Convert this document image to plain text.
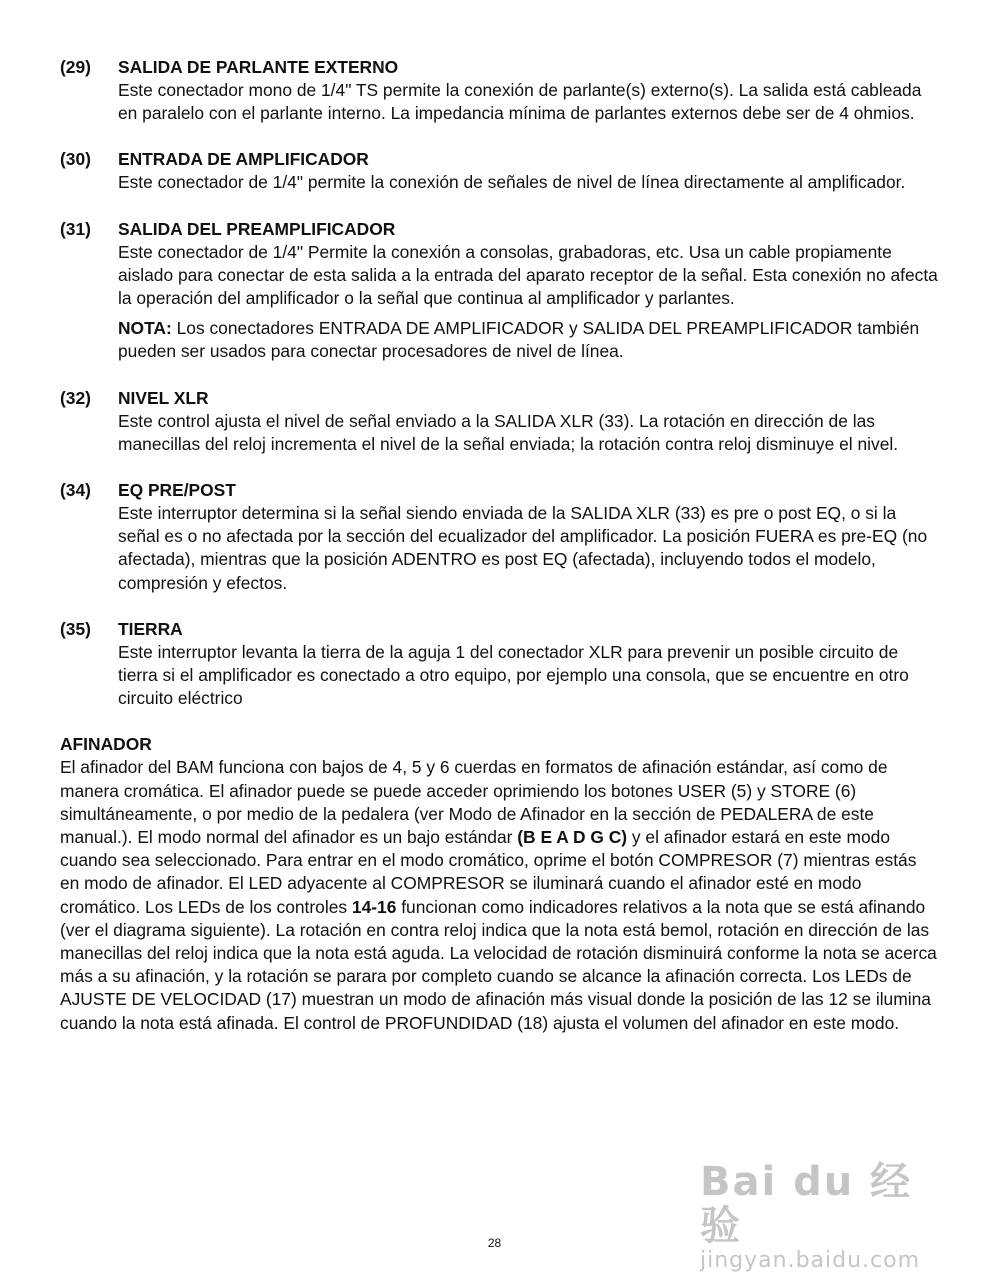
(29)	SALIDA DE PARLANTE EXTERNO

Este conectador mono de 1/4" TS permite la conexión de parlante(s) externo(s). La salida está cableada en paralelo con el parlante interno. La impedancia mínima de parlantes externos debe ser de 4 ohmios.

(30)	ENTRADA DE AMPLIFICADOR

Este conectador de 1/4" permite la conexión de señales de nivel de línea directamente al amplificador.

(31)	SALIDA DEL PREAMPLIFICADOR

Este conectador de 1/4" Permite la conexión a consolas, grabadoras, etc. Usa un cable propiamente aislado para conectar de esta salida a la entrada del aparato receptor de la señal. Esta conexión no afecta la operación del amplificador o la señal que continua al amplificador y parlantes.

NOTA: Los conectadores ENTRADA DE AMPLIFICADOR y SALIDA DEL PREAMPLIFICADOR también pueden ser usados para conectar procesadores de nivel de línea.

(32)	NIVEL XLR

Este control ajusta el nivel de señal enviado a la SALIDA XLR (33). La rotación en dirección de las manecillas del reloj incrementa el nivel de la señal enviada; la rotación contra reloj disminuye el nivel.

(34)	EQ PRE/POST

Este interruptor determina si la señal siendo enviada de la SALIDA XLR (33) es pre o post EQ, o si la señal es o no afectada por la sección del ecualizador del amplificador. La posición FUERA es pre-EQ (no afectada), mientras que la posición ADENTRO es post EQ (afectada), incluyendo todos el modelo, compresión y efectos.

(35)	TIERRA

Este interruptor levanta la tierra de la aguja 1 del conectador XLR para prevenir un posible circuito de tierra si el amplificador es conectado a otro equipo, por ejemplo una consola, que se encuentre en otro circuito eléctrico

AFINADOR

El afinador del BAM funciona con bajos de 4, 5 y 6 cuerdas en formatos de afinación estándar, así como de manera cromática. El afinador puede se puede acceder oprimiendo los botones USER (5) y STORE (6) simultáneamente, o por medio de la pedalera (ver Modo de Afinador en la sección de PEDALERA de este manual.). El modo normal del afinador es un bajo estándar (B E A D G C) y el afinador estará en este modo cuando sea seleccionado. Para entrar en el modo cromático, oprime el botón COMPRESOR (7) mientras estás en modo de afinador. El LED adyacente al COMPRESOR se iluminará cuando el afinador esté en modo cromático. Los LEDs de los controles 14-16 funcionan como indicadores relativos a la nota que se está afinando (ver el diagrama siguiente). La rotación en contra reloj indica que la nota está bemol, rotación en dirección de las manecillas del reloj indica que la nota está aguda. La velocidad de rotación disminuirá conforme la nota se acerca más a su afinación, y la rotación se parara por completo cuando se alcance la afinación correcta. Los LEDs de AJUSTE DE VELOCIDAD (17) muestran un modo de afinación más visual donde la posición de las 12 se ilumina cuando la nota está afinada. El control de PROFUNDIDAD (18) ajusta el volumen del afinador en este modo.

Bai du 经验
jingyan.baidu.com
28
